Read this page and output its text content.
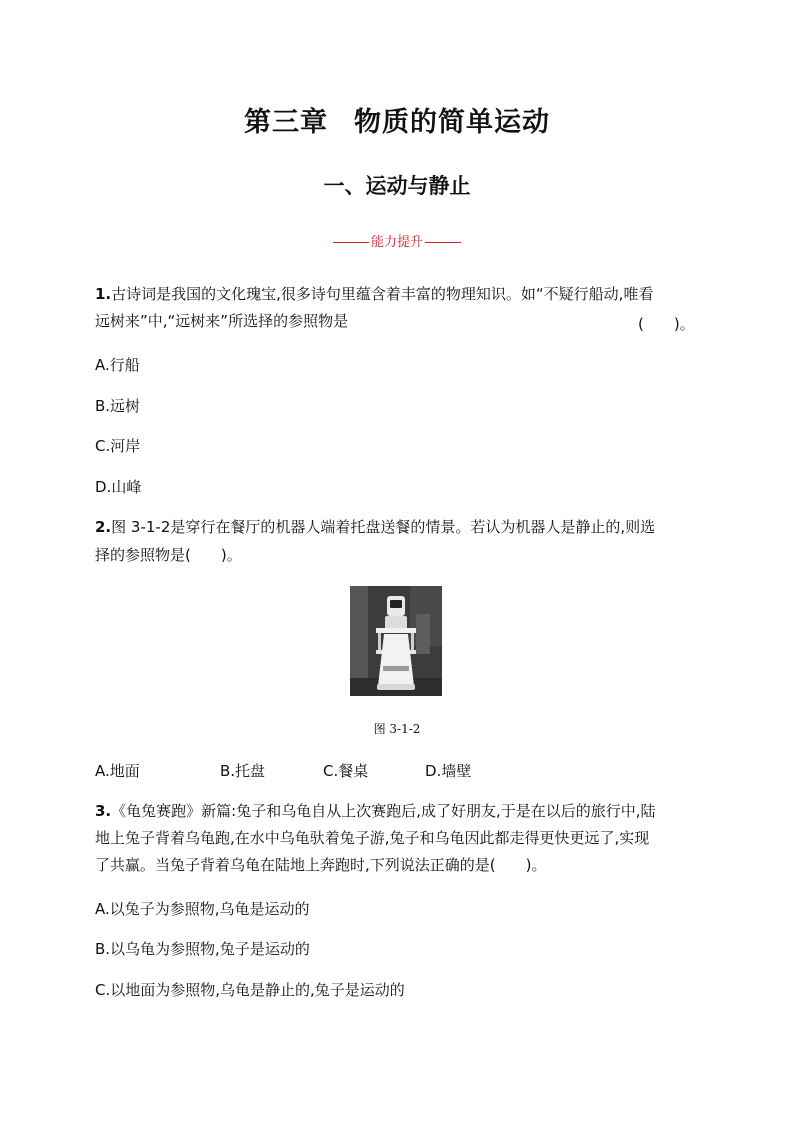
第三章 物质的简单运动
一、运动与静止
能力提升
1.古诗词是我国的文化瑰宝,很多诗句里蕴含着丰富的物理知识。如“不疑行船动,唯看
远树来”中,“远树来”所选择的参照物是	(　　)。
A.行船
B.远树
C.河岸
D.山峰
2.图 3-1-2是穿行在餐厅的机器人端着托盘送餐的情景。若认为机器人是静止的,则选
择的参照物是(　　)。
图 3-1-2
A.地面	B.托盘	C.餐桌	D.墙壁
3.《龟兔赛跑》新篇:兔子和乌龟自从上次赛跑后,成了好朋友,于是在以后的旅行中,陆
地上兔子背着乌龟跑,在水中乌龟驮着兔子游,兔子和乌龟因此都走得更快更远了,实现
了共赢。当兔子背着乌龟在陆地上奔跑时,下列说法正确的是(　　)。
A.以兔子为参照物,乌龟是运动的
B.以乌龟为参照物,兔子是运动的
C.以地面为参照物,乌龟是静止的,兔子是运动的
